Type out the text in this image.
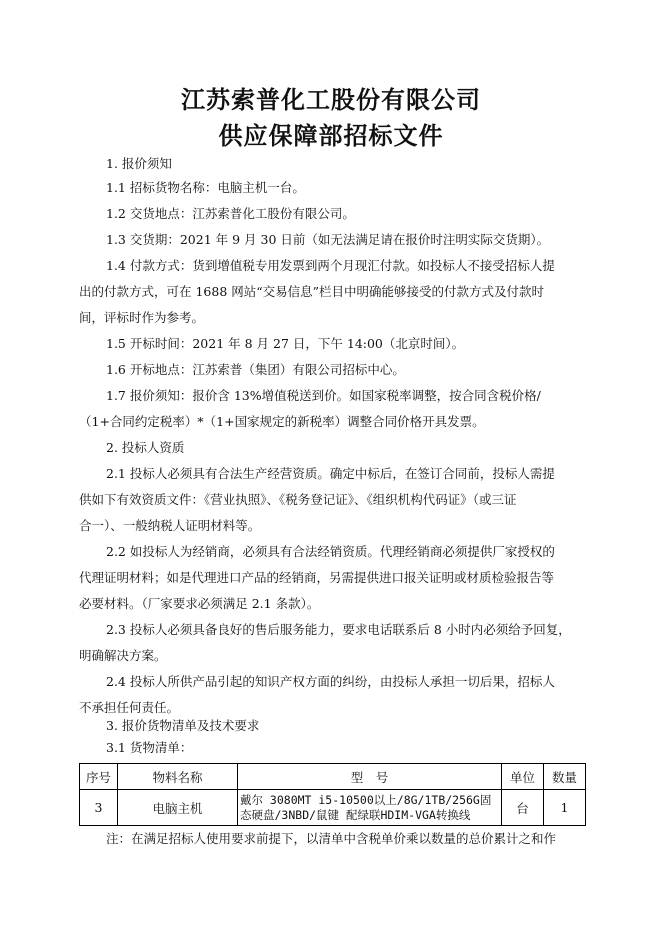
江苏索普化工股份有限公司
供应保障部招标文件
1. 报价须知
1.1 招标货物名称：电脑主机一台。
1.2 交货地点：江苏索普化工股份有限公司。
1.3 交货期：2021 年 9 月 30 日前（如无法满足请在报价时注明实际交货期）。
1.4 付款方式：货到增值税专用发票到两个月现汇付款。如投标人不接受招标人提
出的付款方式，可在 1688 网站“交易信息”栏目中明确能够接受的付款方式及付款时
间，评标时作为参考。
1.5 开标时间：2021 年 8 月 27 日，下午 14:00（北京时间）。
1.6 开标地点：江苏索普（集团）有限公司招标中心。
1.7 报价须知：报价含 13%增值税送到价。如国家税率调整，按合同含税价格/
（1+合同约定税率）*（1+国家规定的新税率）调整合同价格开具发票。
2. 投标人资质
2.1 投标人必须具有合法生产经营资质。确定中标后，在签订合同前，投标人需提
供如下有效资质文件：《营业执照》、《税务登记证》、《组织机构代码证》（或三证
合一）、一般纳税人证明材料等。
2.2 如投标人为经销商，必须具有合法经销资质。代理经销商必须提供厂家授权的
代理证明材料；如是代理进口产品的经销商，另需提供进口报关证明或材质检验报告等
必要材料。（厂家要求必须满足 2.1 条款）。
2.3 投标人必须具备良好的售后服务能力，要求电话联系后 8 小时内必须给予回复，
明确解决方案。
2.4 投标人所供产品引起的知识产权方面的纠纷，由投标人承担一切后果，招标人
不承担任何责任。
3. 报价货物清单及技术要求
3.1 货物清单：
序号	物料名称	型　号	单位	数量
3	电脑主机	戴尔 3080MT i5-10500以上/8G/1TB/256G固态硬盘/3NBD/鼠键 配绿联HDIM-VGA转换线	台	1
注：在满足招标人使用要求前提下，以清单中含税单价乘以数量的总价累计之和作
